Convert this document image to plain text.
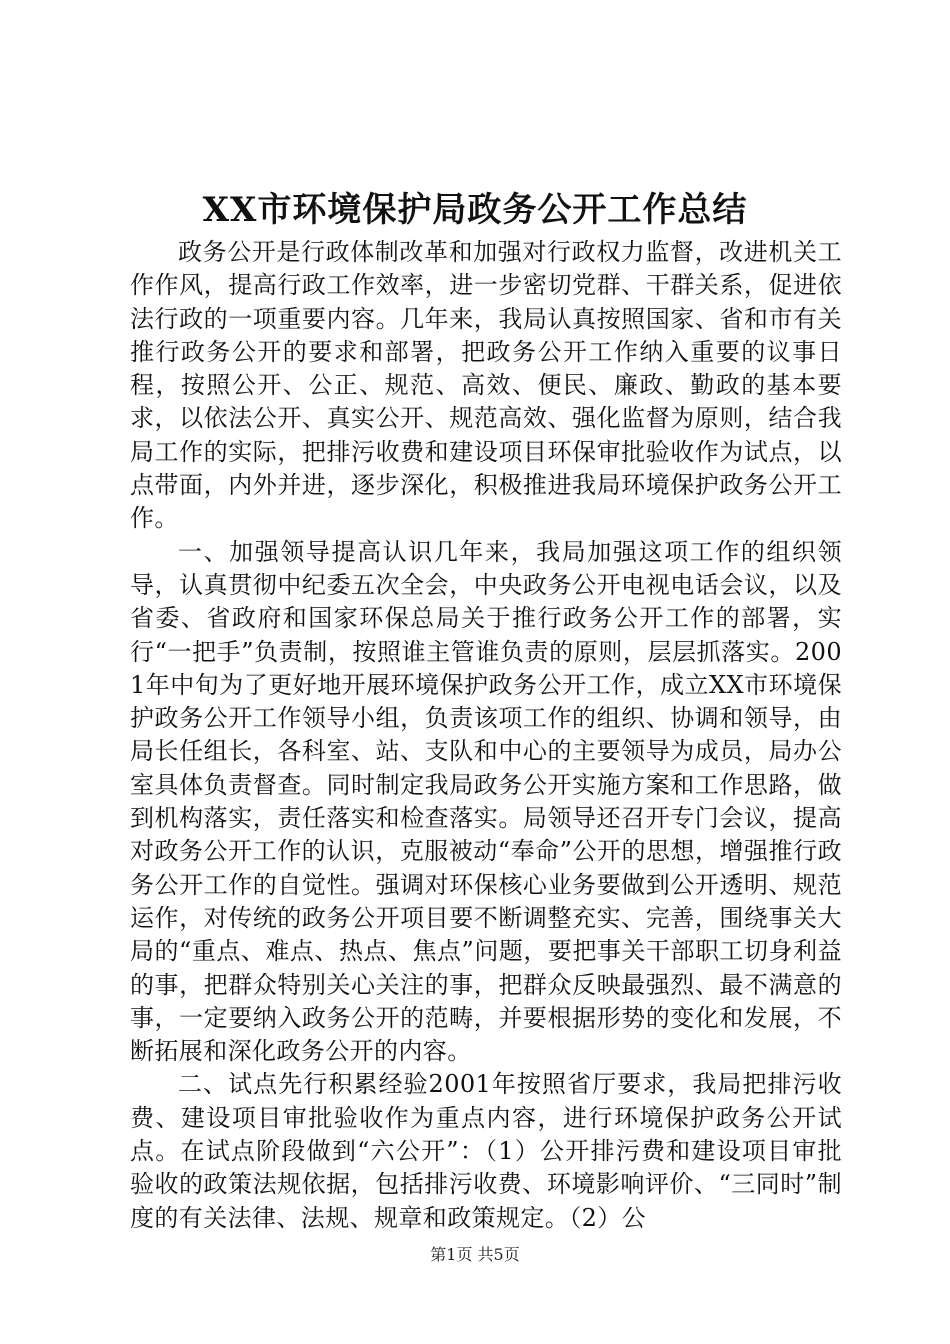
XX市环境保护局政务公开工作总结

政务公开是行政体制改革和加强对行政权力监督，改进机关工作作风，提高行政工作效率，进一步密切党群、干群关系，促进依法行政的一项重要内容。几年来，我局认真按照国家、省和市有关推行政务公开的要求和部署，把政务公开工作纳入重要的议事日程，按照公开、公正、规范、高效、便民、廉政、勤政的基本要求，以依法公开、真实公开、规范高效、强化监督为原则，结合我局工作的实际，把排污收费和建设项目环保审批验收作为试点，以点带面，内外并进，逐步深化，积极推进我局环境保护政务公开工作。

一、加强领导提高认识几年来，我局加强这项工作的组织领导，认真贯彻中纪委五次全会，中央政务公开电视电话会议，以及省委、省政府和国家环保总局关于推行政务公开工作的部署，实行“一把手”负责制，按照谁主管谁负责的原则，层层抓落实。2001年中旬为了更好地开展环境保护政务公开工作，成立XX市环境保护政务公开工作领导小组，负责该项工作的组织、协调和领导，由局长任组长，各科室、站、支队和中心的主要领导为成员，局办公室具体负责督查。同时制定我局政务公开实施方案和工作思路，做到机构落实，责任落实和检查落实。局领导还召开专门会议，提高对政务公开工作的认识，克服被动“奉命”公开的思想，增强推行政务公开工作的自觉性。强调对环保核心业务要做到公开透明、规范运作，对传统的政务公开项目要不断调整充实、完善，围绕事关大局的“重点、难点、热点、焦点”问题，要把事关干部职工切身利益的事，把群众特别关心关注的事，把群众反映最强烈、最不满意的事，一定要纳入政务公开的范畴，并要根据形势的变化和发展，不断拓展和深化政务公开的内容。

二、试点先行积累经验2001年按照省厅要求，我局把排污收费、建设项目审批验收作为重点内容，进行环境保护政务公开试点。在试点阶段做到“六公开”：（1）公开排污费和建设项目审批验收的政策法规依据，包括排污收费、环境影响评价、“三同时”制度的有关法律、法规、规章和政策规定。（2）公

第1页 共5页
